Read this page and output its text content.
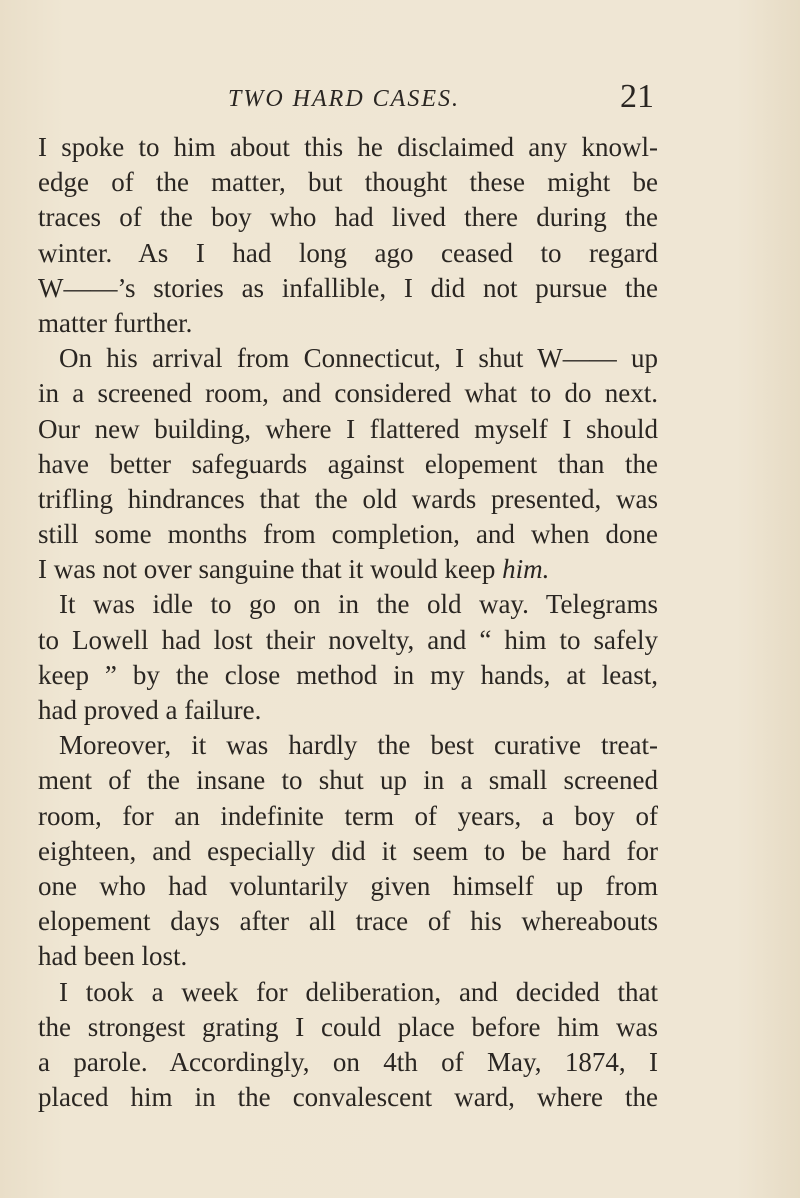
TWO HARD CASES.	21
I spoke to him about this he disclaimed any knowl-
edge of the matter, but thought these might be
traces of the boy who had lived there during the
winter. As I had long ago ceased to regard
W——’s stories as infallible, I did not pursue the
matter further.
On his arrival from Connecticut, I shut W—— up
in a screened room, and considered what to do next.
Our new building, where I flattered myself I should
have better safeguards against elopement than the
trifling hindrances that the old wards presented, was
still some months from completion, and when done
I was not over sanguine that it would keep him.
It was idle to go on in the old way. Telegrams
to Lowell had lost their novelty, and “ him to safely
keep ” by the close method in my hands, at least,
had proved a failure.
Moreover, it was hardly the best curative treat-
ment of the insane to shut up in a small screened
room, for an indefinite term of years, a boy of
eighteen, and especially did it seem to be hard for
one who had voluntarily given himself up from
elopement days after all trace of his whereabouts
had been lost.
I took a week for deliberation, and decided that
the strongest grating I could place before him was
a parole. Accordingly, on 4th of May, 1874, I
placed him in the convalescent ward, where the
